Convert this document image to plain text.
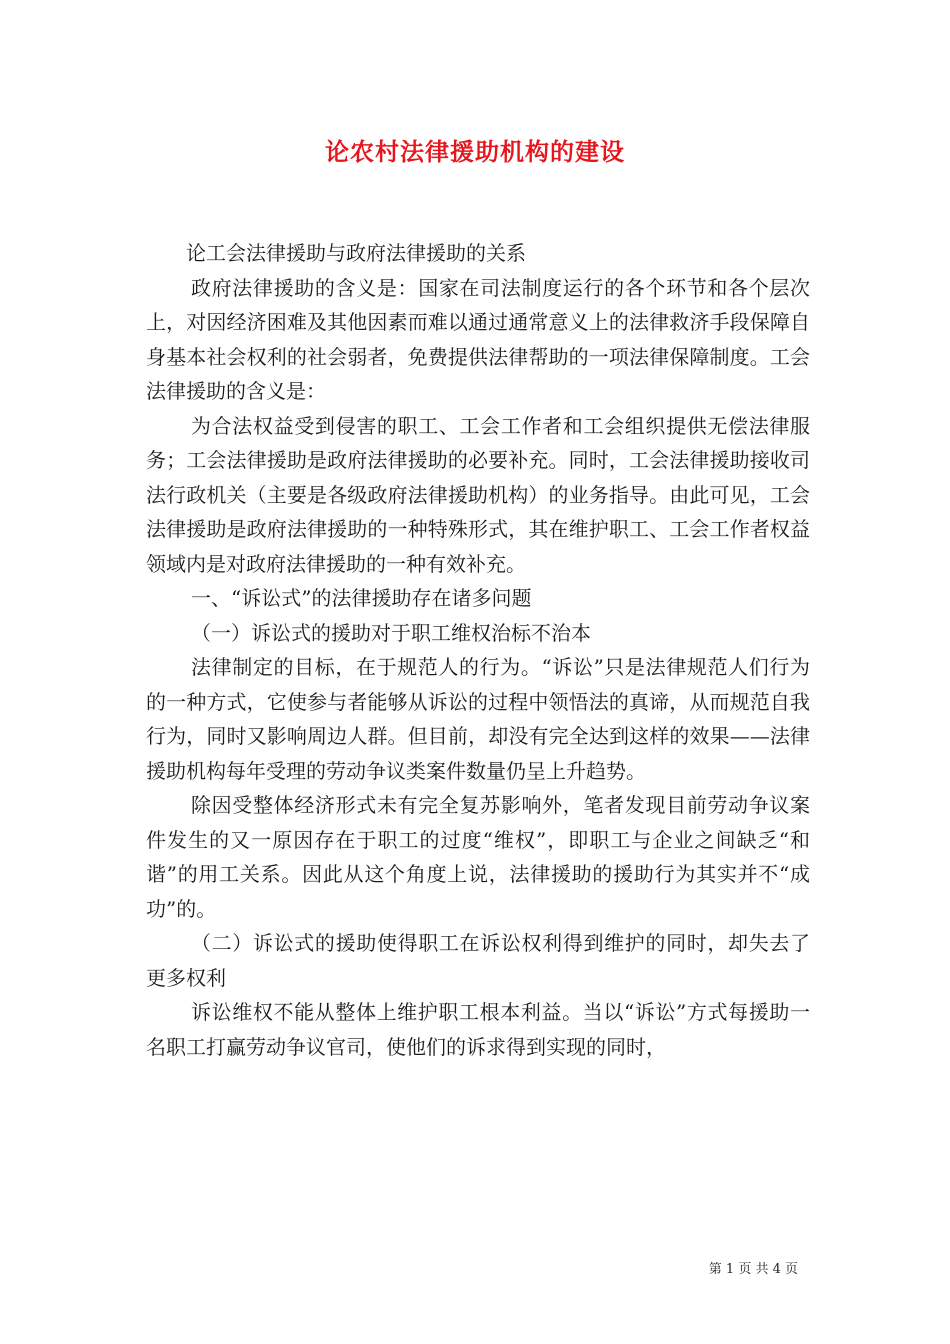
论农村法律援助机构的建设

论工会法律援助与政府法律援助的关系

政府法律援助的含义是：国家在司法制度运行的各个环节和各个层次上，对因经济困难及其他因素而难以通过通常意义上的法律救济手段保障自身基本社会权利的社会弱者，免费提供法律帮助的一项法律保障制度。工会法律援助的含义是：

为合法权益受到侵害的职工、工会工作者和工会组织提供无偿法律服务；工会法律援助是政府法律援助的必要补充。同时，工会法律援助接收司法行政机关（主要是各级政府法律援助机构）的业务指导。由此可见，工会法律援助是政府法律援助的一种特殊形式，其在维护职工、工会工作者权益领域内是对政府法律援助的一种有效补充。

一、“诉讼式”的法律援助存在诸多问题

（一）诉讼式的援助对于职工维权治标不治本

法律制定的目标，在于规范人的行为。“诉讼”只是法律规范人们行为的一种方式，它使参与者能够从诉讼的过程中领悟法的真谛，从而规范自我行为，同时又影响周边人群。但目前，却没有完全达到这样的效果——法律援助机构每年受理的劳动争议类案件数量仍呈上升趋势。

除因受整体经济形式未有完全复苏影响外，笔者发现目前劳动争议案件发生的又一原因存在于职工的过度“维权”，即职工与企业之间缺乏“和谐”的用工关系。因此从这个角度上说，法律援助的援助行为其实并不“成功”的。

（二）诉讼式的援助使得职工在诉讼权利得到维护的同时，却失去了更多权利

诉讼维权不能从整体上维护职工根本利益。当以“诉讼”方式每援助一名职工打赢劳动争议官司，使他们的诉求得到实现的同时，

第 1 页 共 4 页
